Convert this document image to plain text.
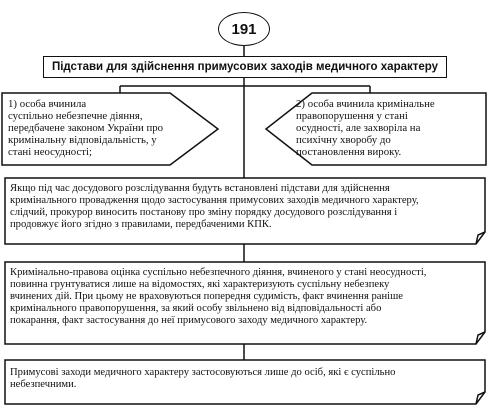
191
Підстави для здійснення примусових заходів медичного характеру
1) особа вчинила
суспільно небезпечне діяння,
передбачене законом України про
кримінальну відповідальність, у
стані неосудності;
2) особа вчинила кримінальне
правопорушення у стані
осудності, але захворіла на
психічну хворобу до
постановлення вироку.
Якщо під час досудового розслідування будуть встановлені підстави для здійснення
кримінального провадження щодо застосування примусових заходів медичного характеру,
слідчий, прокурор виносить постанову про зміну порядку досудового розслідування і
продовжує його згідно з правилами, передбаченими КПК.
Кримінально-правова оцінка суспільно небезпечного діяння, вчиненого у стані неосудності,
повинна грунтуватися лише на відомостях, які характеризують суспільну небезпеку
вчинених дій. При цьому не враховуються попередня судимість, факт вчинення раніше
кримінального правопорушення, за який особу звільнено від відповідальності або
покарання, факт застосування до неї примусового заходу медичного характеру.
Примусові заходи медичного характеру застосовуються лише до осіб, які є суспільно
небезпечними.
